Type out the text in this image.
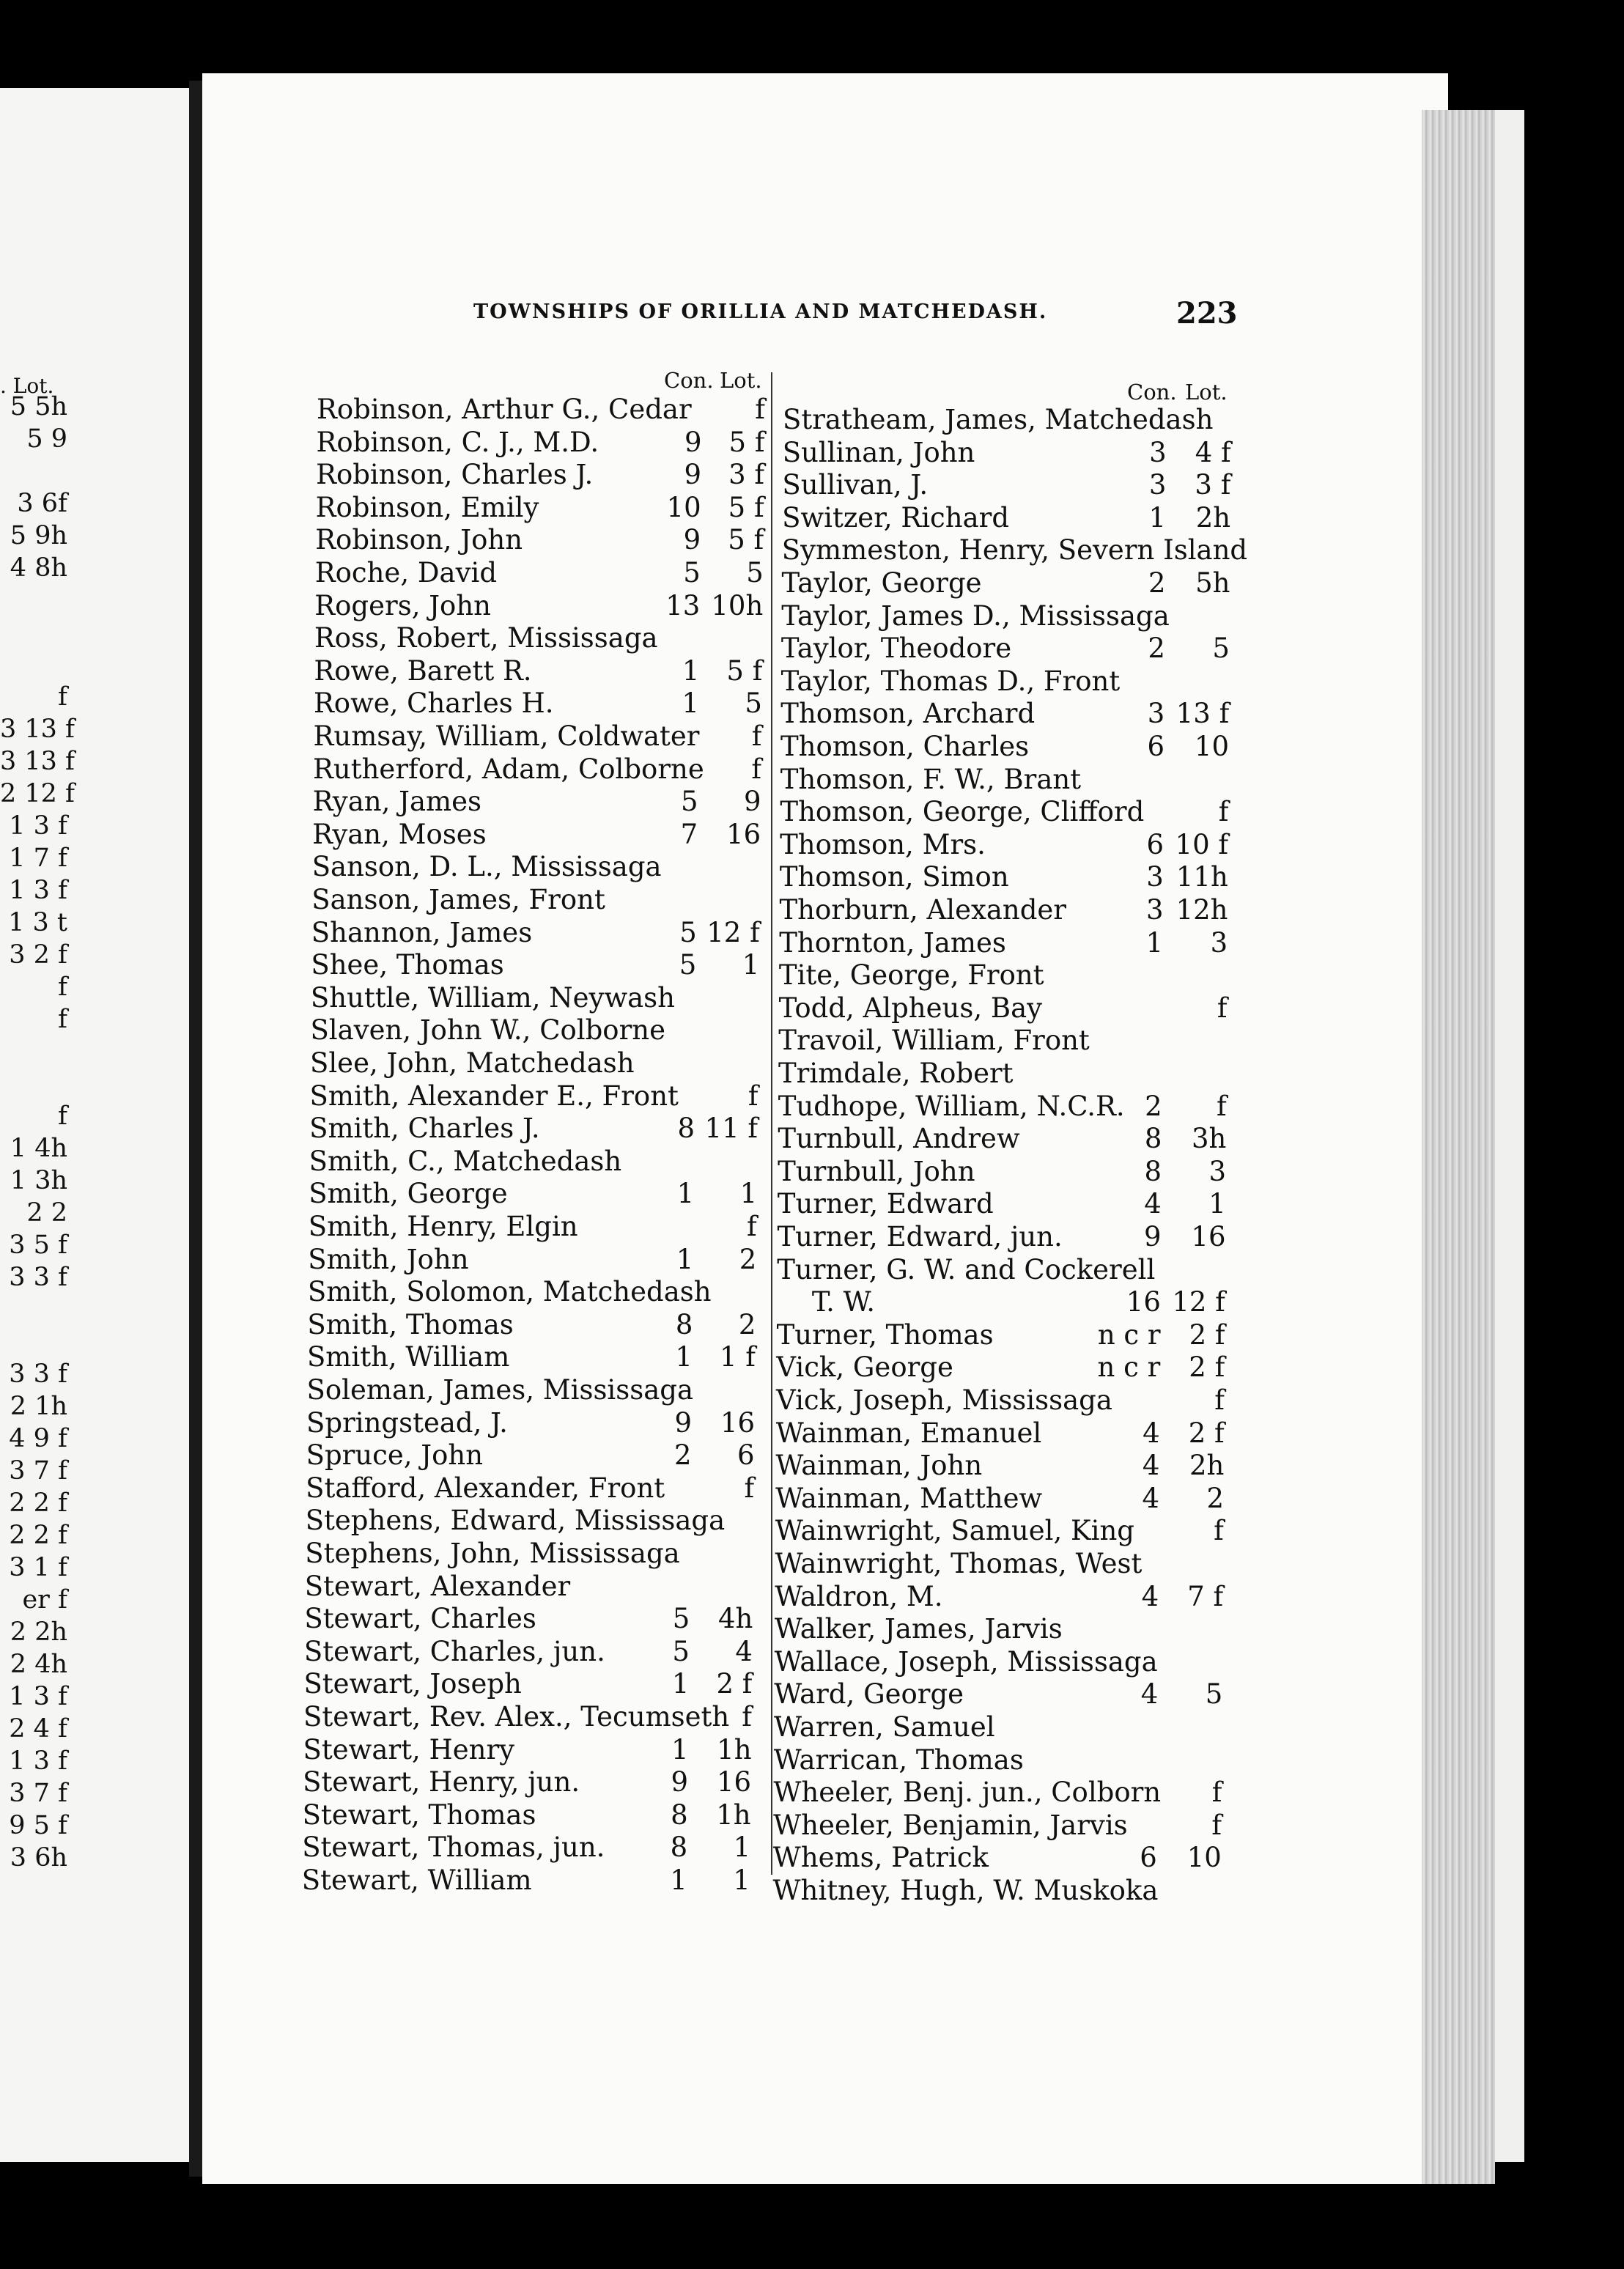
. Lot.
5 5h
5 9
3 6f
5 9h
4 8h
f
3 13 f
3 13 f
2 12 f
1 3 f
1 7 f
1 3 f
1 3 t
3 2 f
f
f
f
1 4h
1 3h
2 2
3 5 f
3 3 f
3 3 f
2 1h
4 9 f
3 7 f
2 2 f
2 2 f
3 1 f
er f
2 2h
2 4h
1 3 f
2 4 f
1 3 f
3 7 f
9 5 f
3 6h
TOWNSHIPS OF ORILLIA AND MATCHEDASH.	223
Con. Lot.	Con. Lot.
Robinson, Arthur G., Cedar	f
Robinson, C. J., M.D.	9	5 f
Robinson, Charles J.	9	3 f
Robinson, Emily	10	5 f
Robinson, John	9	5 f
Roche, David	5	5
Rogers, John	13 10h
Ross, Robert, Mississaga
Rowe, Barett R.	1	5 f
Rowe, Charles H.	1	5
Rumsay, William, Coldwater	f
Rutherford, Adam, Colborne	f
Ryan, James	5	9
Ryan, Moses	7	16
Sanson, D. L., Mississaga
Sanson, James, Front
Shannon, James	5 12 f
Shee, Thomas	5	1
Shuttle, William, Neywash
Slaven, John W., Colborne
Slee, John, Matchedash
Smith, Alexander E., Front	f
Smith, Charles J.	8 11 f
Smith, C., Matchedash
Smith, George	1	1
Smith, Henry, Elgin	f
Smith, John	1	2
Smith, Solomon, Matchedash
Smith, Thomas	8	2
Smith, William	1	1 f
Soleman, James, Mississaga
Springstead, J.	9	16
Spruce, John	2	6
Stafford, Alexander, Front	f
Stephens, Edward, Mississaga
Stephens, John, Mississaga
Stewart, Alexander
Stewart, Charles	5	4h
Stewart, Charles, jun.	5	4
Stewart, Joseph	1	2 f
Stewart, Rev. Alex., Tecumseth f
Stewart, Henry	1	1h
Stewart, Henry, jun.	9	16
Stewart, Thomas	8	1h
Stewart, Thomas, jun.	8	1
Stewart, William	1	1
Stratheam, James, Matchedash
Sullinan, John	3	4 f
Sullivan, J.	3	3 f
Switzer, Richard	1	2h
Symmeston, Henry, Severn Island
Taylor, George	2	5h
Taylor, James D., Mississaga
Taylor, Theodore	2	5
Taylor, Thomas D., Front
Thomson, Archard	3 13 f
Thomson, Charles	6	10
Thomson, F. W., Brant
Thomson, George, Clifford	f
Thomson, Mrs.	6 10 f
Thomson, Simon	3 11h
Thorburn, Alexander	3 12h
Thornton, James	1	3
Tite, George, Front
Todd, Alpheus, Bay	f
Travoil, William, Front
Trimdale, Robert
Tudhope, William, N.C.R. 2	f
Turnbull, Andrew	8	3h
Turnbull, John	8	3
Turner, Edward	4	1
Turner, Edward, jun.	9	16
Turner, G. W. and Cockerell
T. W.	16 12 f
Turner, Thomas	n c r	2 f
Vick, George	n c r	2 f
Vick, Joseph, Mississaga	f
Wainman, Emanuel	4	2 f
Wainman, John	4	2h
Wainman, Matthew	4	2
Wainwright, Samuel, King	f
Wainwright, Thomas, West
Waldron, M.	4	7 f
Walker, James, Jarvis
Wallace, Joseph, Mississaga
Ward, George	4	5
Warren, Samuel
Warrican, Thomas
Wheeler, Benj. jun., Colborn	f
Wheeler, Benjamin, Jarvis	f
Whems, Patrick	6	10
Whitney, Hugh, W. Muskoka
